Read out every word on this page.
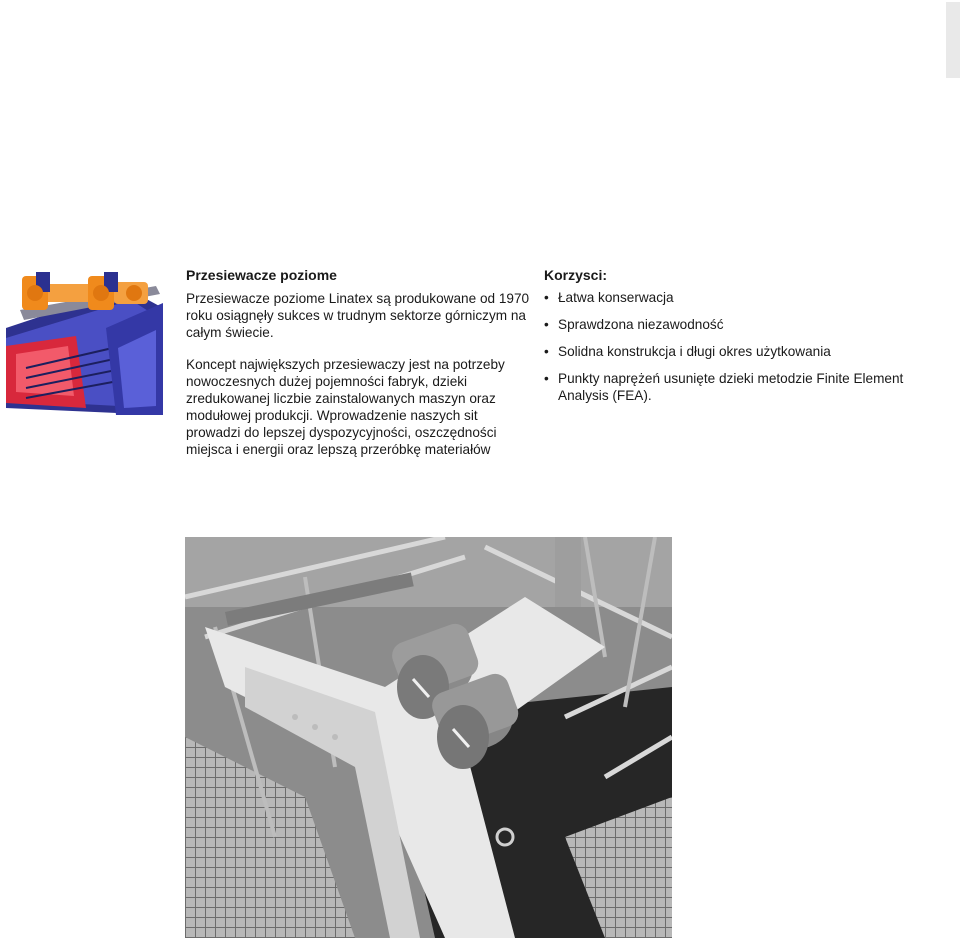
Przesiewacze poziome

Przesiewacze poziome Linatex są produkowane od 1970 roku osiągnęły sukces w trudnym sektorze górniczym na całym świecie.

Koncept największych przesiewaczy jest na potrzeby nowoczesnych dużej pojemności fabryk, dzieki zredukowanej liczbie zainstalowanych maszyn oraz modułowej produkcji. Wprowadzenie naszych sit prowadzi do lepszej dyspozycyjności, oszczędności miejsca i energii oraz lepszą przeróbkę materiałów

Korzysci:
• Łatwa konserwacja
• Sprawdzona niezawodność
• Solidna konstrukcja i długi okres użytkowania
• Punkty naprężeń usunięte dzieki metodzie Finite Element Analysis (FEA).
